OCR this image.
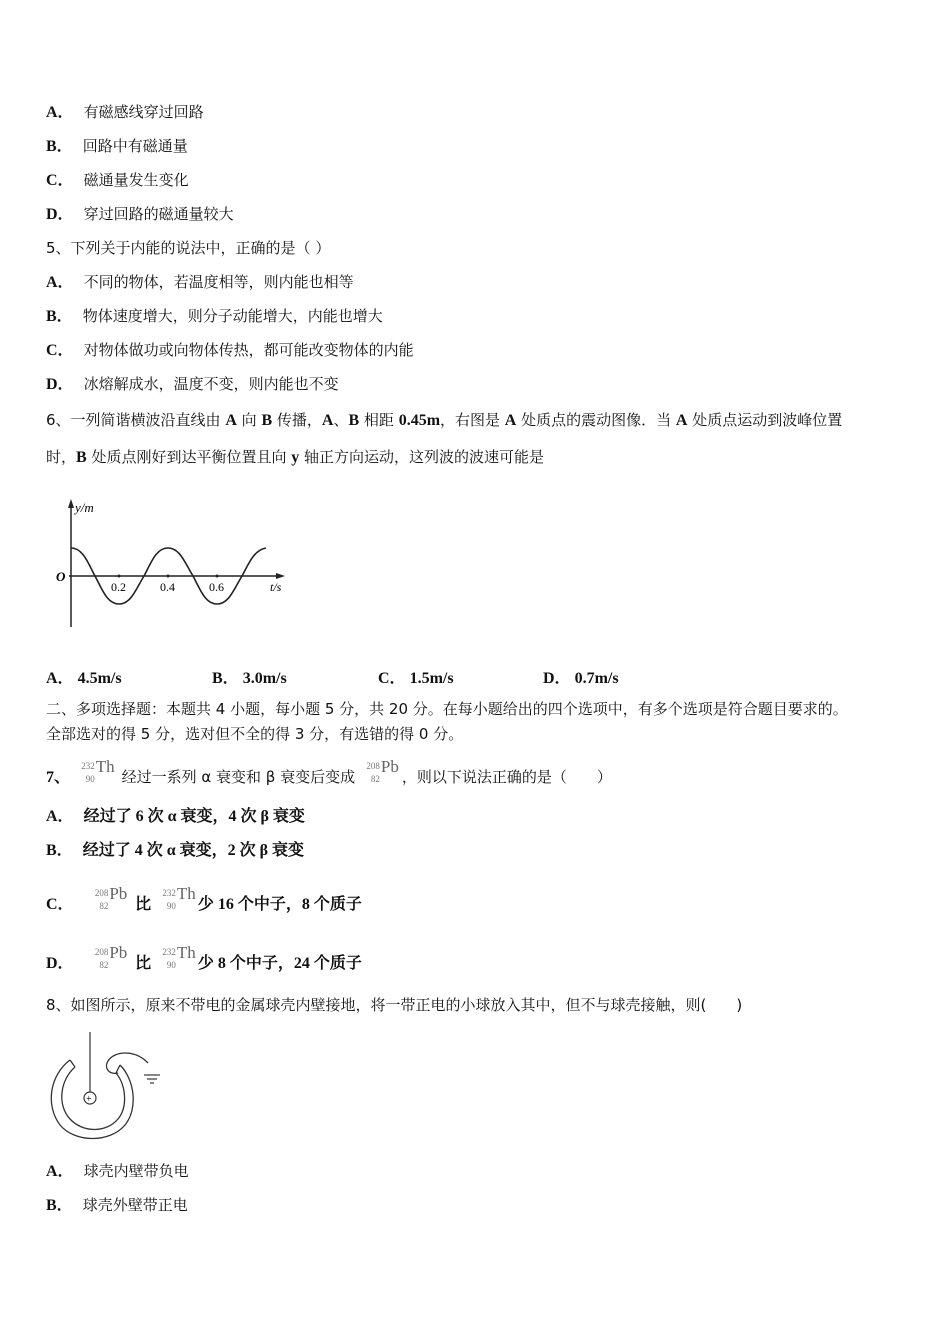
A． 有磁感线穿过回路
B． 回路中有磁通量
C． 磁通量发生变化
D． 穿过回路的磁通量较大
5、下列关于内能的说法中，正确的是（ ）
A． 不同的物体，若温度相等，则内能也相等
B． 物体速度增大，则分子动能增大，内能也增大
C． 对物体做功或向物体传热，都可能改变物体的内能
D． 冰熔解成水，温度不变，则内能也不变
6、一列简谐横波沿直线由 A 向 B 传播，A、B 相距 0.45m，右图是 A 处质点的震动图像．当 A 处质点运动到波峰位置
时，B 处质点刚好到达平衡位置且向 y 轴正方向运动，这列波的波速可能是
y/m
O
0.2	0.4	0.6	t/s
A． 4.5m/s	B． 3.0m/s	C． 1.5m/s	D． 0.7m/s
二、多项选择题：本题共 4 小题，每小题 5 分，共 20 分。在每小题给出的四个选项中，有多个选项是符合题目要求的。
全部选对的得 5 分，选对但不全的得 3 分，有选错的得 0 分。
7、
232
90
Th
经过一系列 α 衰变和 β 衰变后变成
208
82
Pb
，则以下说法正确的是（　　）
A． 经过了 6 次 α 衰变，4 次 β 衰变
B． 经过了 4 次 α 衰变，2 次 β 衰变
C．
208
82
Pb
比
232
90
Th
少 16 个中子，8 个质子
D．
208
82
Pb
比
232
90
Th
少 8 个中子，24 个质子
8、如图所示，原来不带电的金属球壳内壁接地，将一带正电的小球放入其中，但不与球壳接触，则(　　)
+
A． 球壳内壁带负电
B． 球壳外壁带正电
